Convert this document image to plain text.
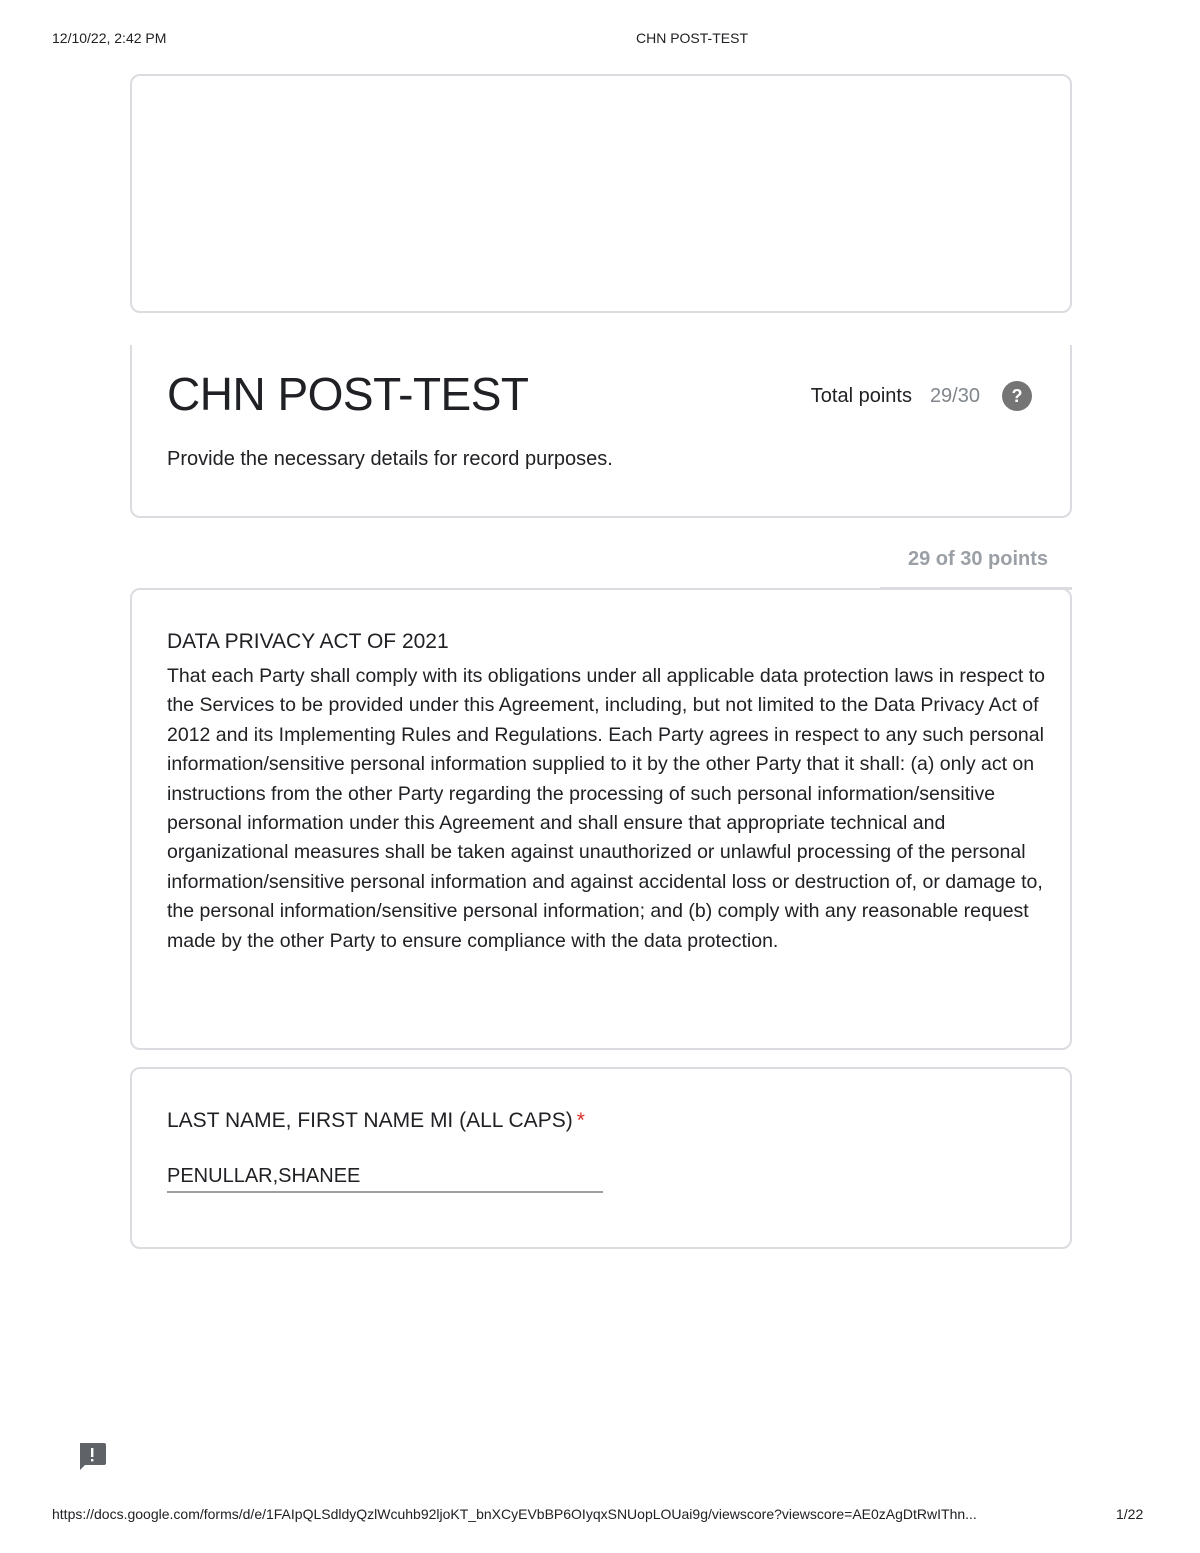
12/10/22, 2:42 PM	CHN POST-TEST
CHN POST-TEST	Total points 29/30	?
Provide the necessary details for record purposes.
29 of 30 points
DATA PRIVACY ACT OF 2021
That each Party shall comply with its obligations under all applicable data protection laws in respect to the Services to be provided under this Agreement, including, but not limited to the Data Privacy Act of 2012 and its Implementing Rules and Regulations. Each Party agrees in respect to any such personal information/sensitive personal information supplied to it by the other Party that it shall: (a) only act on instructions from the other Party regarding the processing of such personal information/sensitive personal information under this Agreement and shall ensure that appropriate technical and organizational measures shall be taken against unauthorized or unlawful processing of the personal information/sensitive personal information and against accidental loss or destruction of, or damage to, the personal information/sensitive personal information; and (b) comply with any reasonable request made by the other Party to ensure compliance with the data protection.
LAST NAME, FIRST NAME MI (ALL CAPS) *
PENULLAR,SHANEE
https://docs.google.com/forms/d/e/1FAIpQLSdldyQzlWcuhb92ljoKT_bnXCyEVbBP6OIyqxSNUopLOUai9g/viewscore?viewscore=AE0zAgDtRwIThn...	1/22
